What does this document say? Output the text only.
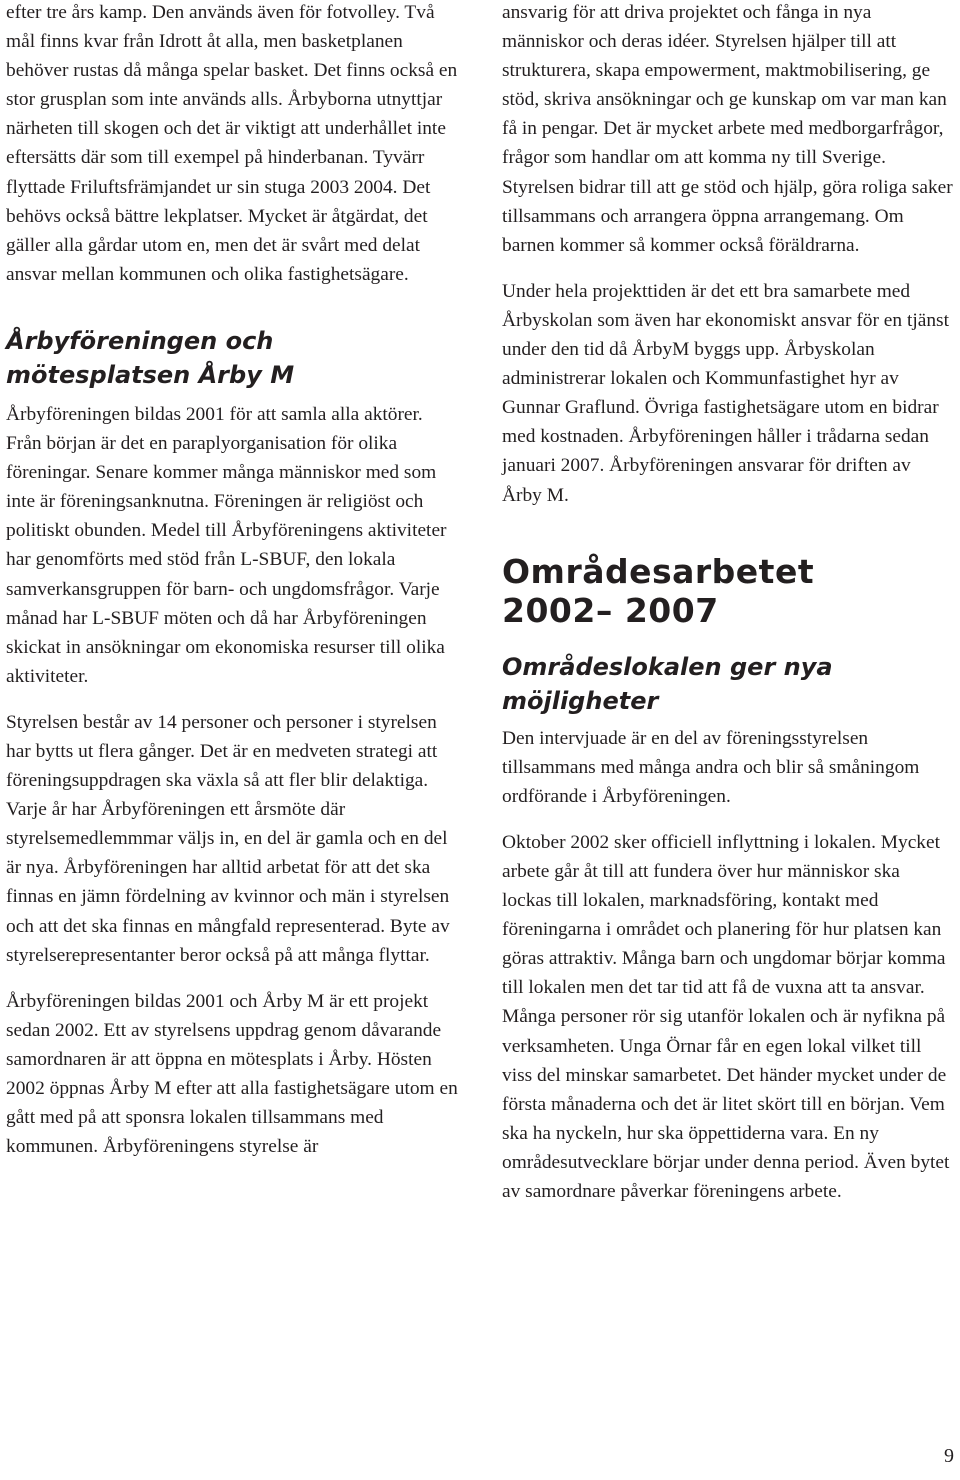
efter tre års kamp. Den används även för fotvolley. Två mål finns kvar från Idrott åt alla, men basketplanen behöver rustas då många spelar basket. Det finns också en stor grusplan som inte används alls. Årbyborna utnyttjar närheten till skogen och det är viktigt att underhållet inte eftersätts där som till exempel på hinderbanan. Tyvärr flyttade Friluftsfrämjandet ur sin stuga 2003 2004. Det behövs också bättre lekplatser. Mycket är åtgärdat, det gäller alla gårdar utom en, men det är svårt med delat ansvar mellan kommunen och olika fastighetsägare.

Årbyföreningen och mötesplatsen Årby M

Årbyföreningen bildas 2001 för att samla alla aktörer. Från början är det en paraplyorganisation för olika föreningar. Senare kommer många människor med som inte är föreningsanknutna. Föreningen är religiöst och politiskt obunden. Medel till Årbyföreningens aktiviteter har genomförts med stöd från L-SBUF, den lokala samverkansgruppen för barn- och ungdomsfrågor. Varje månad har L-SBUF möten och då har Årbyföreningen skickat in ansökningar om ekonomiska resurser till olika aktiviteter.

Styrelsen består av 14 personer och personer i styrelsen har bytts ut flera gånger. Det är en medveten strategi att föreningsuppdragen ska växla så att fler blir delaktiga. Varje år har Årbyföreningen ett årsmöte där styrelsemedlemmmar väljs in, en del är gamla och en del är nya. Årbyföreningen har alltid arbetat för att det ska finnas en jämn fördelning av kvinnor och män i styrelsen och att det ska finnas en mångfald representerad. Byte av styrelserepresentanter beror också på att många flyttar.

Årbyföreningen bildas 2001 och Årby M är ett projekt sedan 2002. Ett av styrelsens uppdrag genom dåvarande samordnaren är att öppna en mötesplats i Årby. Hösten 2002 öppnas Årby M efter att alla fastighetsägare utom en gått med på att sponsra lokalen tillsammans med kommunen. Årbyföreningens styrelse är

ansvarig för att driva projektet och fånga in nya människor och deras idéer. Styrelsen hjälper till att strukturera, skapa empowerment, maktmobilisering, ge stöd, skriva ansökningar och ge kunskap om var man kan få in pengar. Det är mycket arbete med medborgarfrågor, frågor som handlar om att komma ny till Sverige. Styrelsen bidrar till att ge stöd och hjälp, göra roliga saker tillsammans och arrangera öppna arrangemang. Om barnen kommer så kommer också föräldrarna.

Under hela projekttiden är det ett bra samarbete med Årbyskolan som även har ekonomiskt ansvar för en tjänst under den tid då ÅrbyM byggs upp. Årbyskolan administrerar lokalen och Kommunfastighet hyr av Gunnar Graflund. Övriga fastighetsägare utom en bidrar med kostnaden. Årbyföreningen håller i trådarna sedan januari 2007. Årbyföreningen ansvarar för driften av Årby M.

Områdesarbetet
2002– 2007
Områdeslokalen ger nya möjligheter

Den intervjuade är en del av föreningsstyrelsen tillsammans med många andra och blir så småningom ordförande i Årbyföreningen.

Oktober 2002 sker officiell inflyttning i lokalen. Mycket arbete går åt till att fundera över hur människor ska lockas till lokalen, marknadsföring, kontakt med föreningarna i området och planering för hur platsen kan göras attraktiv. Många barn och ungdomar börjar komma till lokalen men det tar tid att få de vuxna att ta ansvar. Många personer rör sig utanför lokalen och är nyfikna på verksamheten. Unga Örnar får en egen lokal vilket till viss del minskar samarbetet. Det händer mycket under de första månaderna och det är litet skört till en början. Vem ska ha nyckeln, hur ska öppettiderna vara. En ny områdesutvecklare börjar under denna period. Även bytet av samordnare påverkar föreningens arbete.

9
